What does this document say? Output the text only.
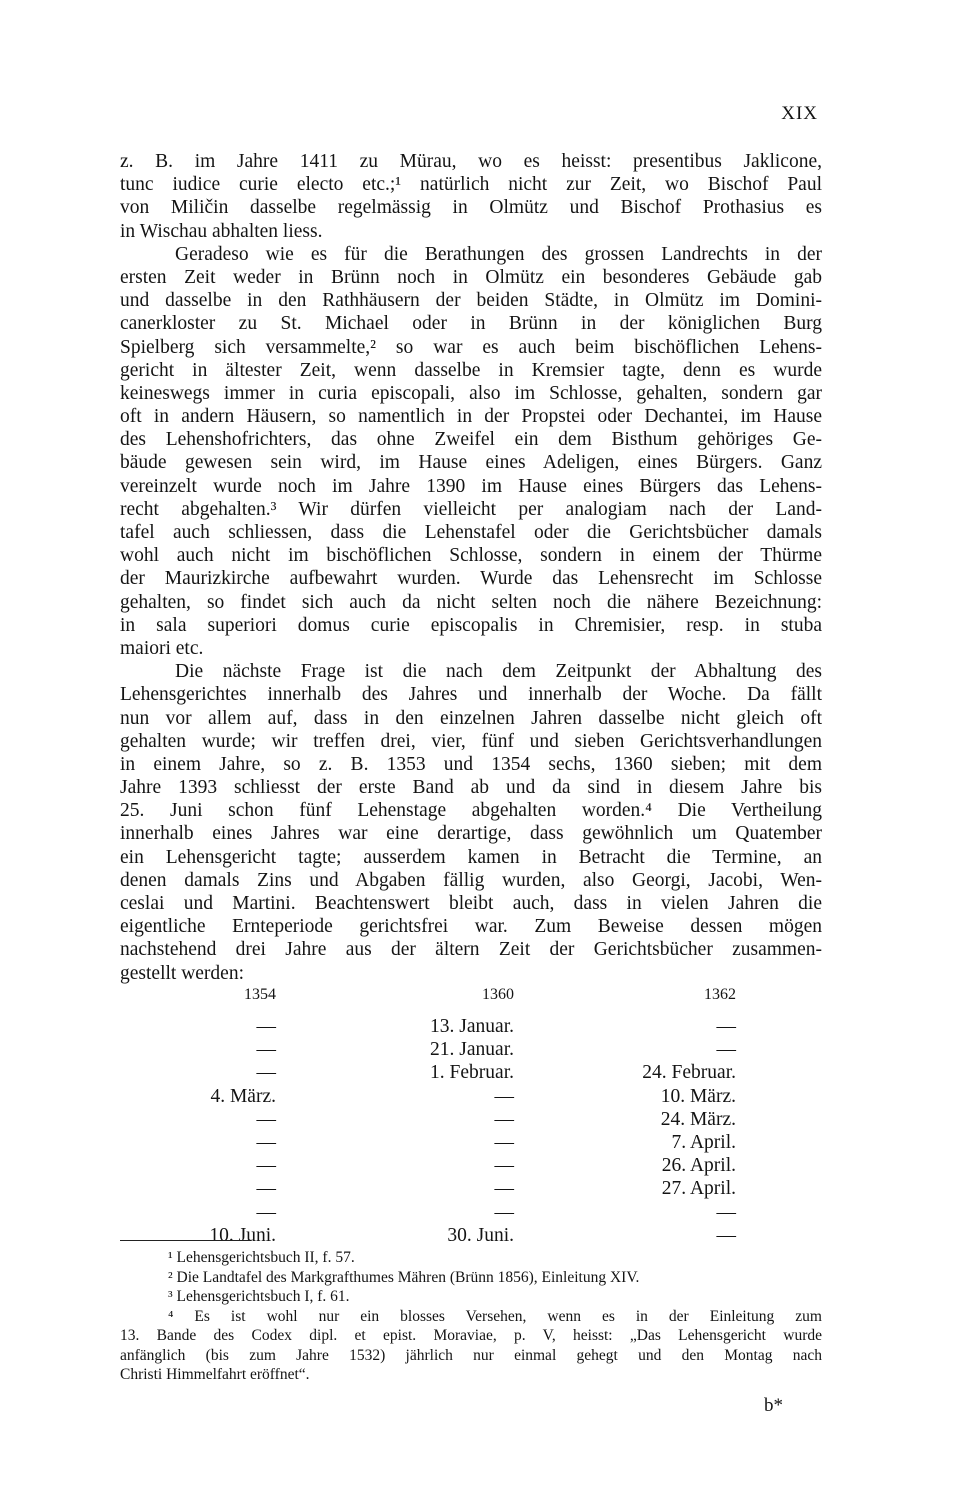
XIX
z. B. im Jahre 1411 zu Mürau, wo es heisst: presentibus Jaklicone,
tunc iudice curie electo etc.;¹ natürlich nicht zur Zeit, wo Bischof Paul
von Miličin dasselbe regelmässig in Olmütz und Bischof Prothasius es
in Wischau abhalten liess.
Geradeso wie es für die Berathungen des grossen Landrechts in der
ersten Zeit weder in Brünn noch in Olmütz ein besonderes Gebäude gab
und dasselbe in den Rathhäusern der beiden Städte, in Olmütz im Domini-
canerkloster zu St. Michael oder in Brünn in der königlichen Burg
Spielberg sich versammelte,² so war es auch beim bischöflichen Lehens-
gericht in ältester Zeit, wenn dasselbe in Kremsier tagte, denn es wurde
keineswegs immer in curia episcopali, also im Schlosse, gehalten, sondern gar
oft in andern Häusern, so namentlich in der Propstei oder Dechantei, im Hause
des Lehenshofrichters, das ohne Zweifel ein dem Bisthum gehöriges Ge-
bäude gewesen sein wird, im Hause eines Adeligen, eines Bürgers. Ganz
vereinzelt wurde noch im Jahre 1390 im Hause eines Bürgers das Lehens-
recht abgehalten.³ Wir dürfen vielleicht per analogiam nach der Land-
tafel auch schliessen, dass die Lehenstafel oder die Gerichtsbücher damals
wohl auch nicht im bischöflichen Schlosse, sondern in einem der Thürme
der Maurizkirche aufbewahrt wurden. Wurde das Lehensrecht im Schlosse
gehalten, so findet sich auch da nicht selten noch die nähere Bezeichnung:
in sala superiori domus curie episcopalis in Chremisier, resp. in stuba
maiori etc.
Die nächste Frage ist die nach dem Zeitpunkt der Abhaltung des
Lehensgerichtes innerhalb des Jahres und innerhalb der Woche. Da fällt
nun vor allem auf, dass in den einzelnen Jahren dasselbe nicht gleich oft
gehalten wurde; wir treffen drei, vier, fünf und sieben Gerichtsverhandlungen
in einem Jahre, so z. B. 1353 und 1354 sechs, 1360 sieben; mit dem
Jahre 1393 schliesst der erste Band ab und da sind in diesem Jahre bis
25. Juni schon fünf Lehenstage abgehalten worden.⁴ Die Vertheilung
innerhalb eines Jahres war eine derartige, dass gewöhnlich um Quatember
ein Lehensgericht tagte; ausserdem kamen in Betracht die Termine, an
denen damals Zins und Abgaben fällig wurden, also Georgi, Jacobi, Wen-
ceslai und Martini. Beachtenswert bleibt auch, dass in vielen Jahren die
eigentliche Ernteperiode gerichtsfrei war. Zum Beweise dessen mögen
nachstehend drei Jahre aus der ältern Zeit der Gerichtsbücher zusammen-
gestellt werden:
1354
—
—
—
4. März.
—
—
—
—
—
10. Juni.
1360
13. Januar.
21. Januar.
1. Februar.
—
—
—
—
—
—
30. Juni.
1362
—
—
24. Februar.
10. März.
24. März.
7. April.
26. April.
27. April.
—
—
¹ Lehensgerichtsbuch II, f. 57.
² Die Landtafel des Markgrafthumes Mähren (Brünn 1856), Einleitung XIV.
³ Lehensgerichtsbuch I, f. 61.
⁴ Es ist wohl nur ein blosses Versehen, wenn es in der Einleitung zum
13. Bande des Codex dipl. et epist. Moraviae, p. V, heisst: „Das Lehensgericht wurde
anfänglich (bis zum Jahre 1532) jährlich nur einmal gehegt und den Montag nach
Christi Himmelfahrt eröffnet“.
b*
